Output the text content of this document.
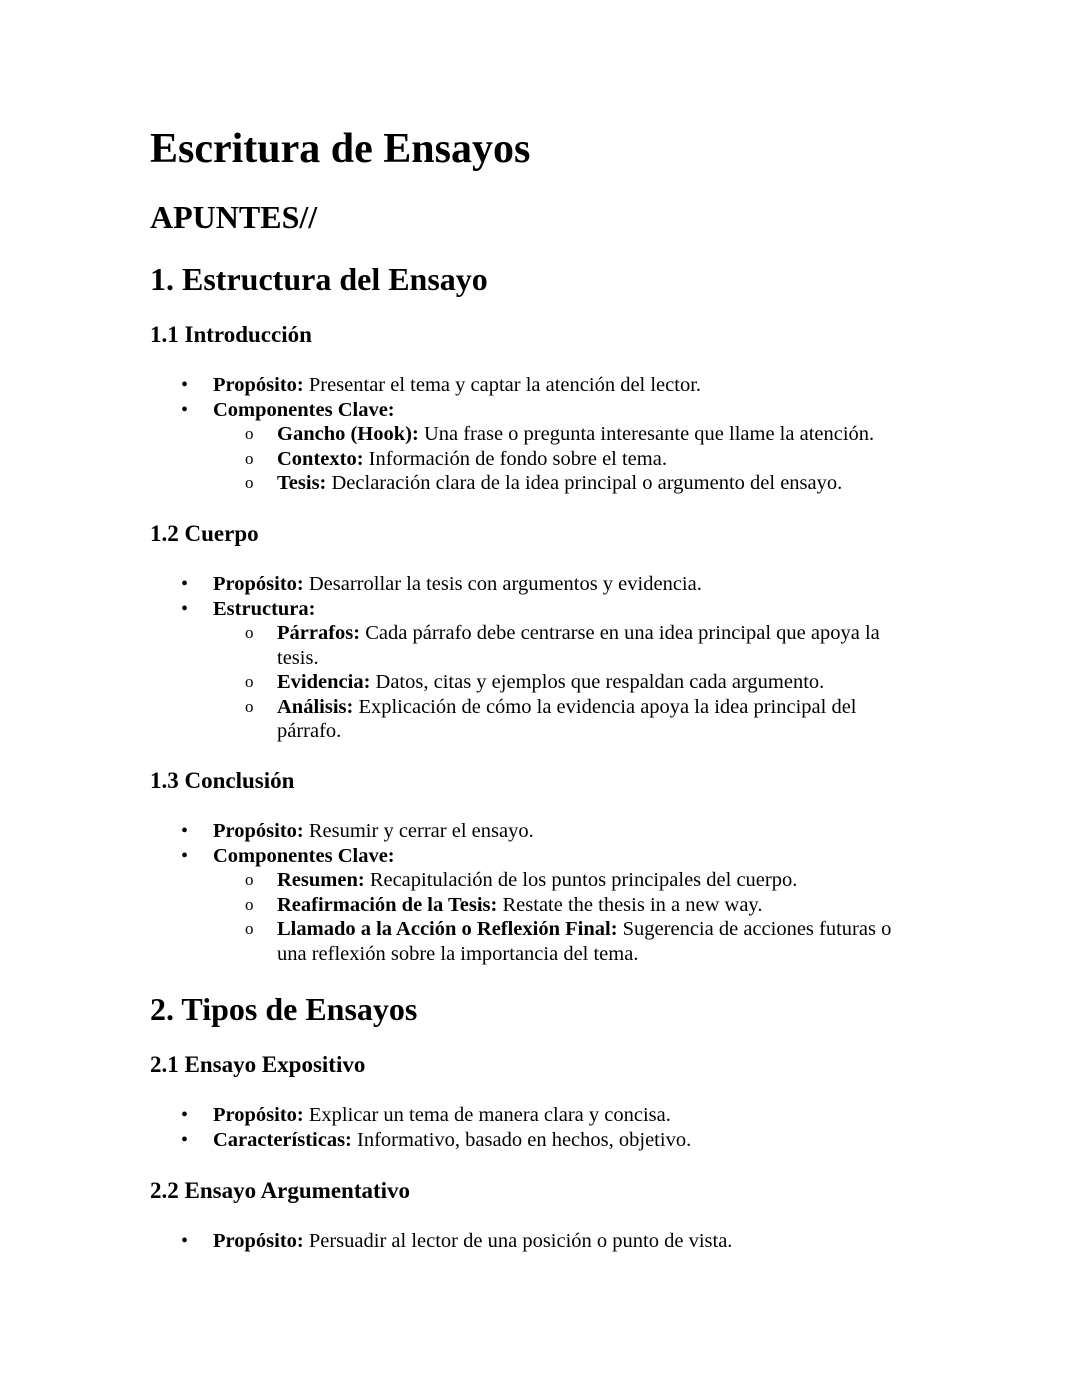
Escritura de Ensayos
APUNTES//
1. Estructura del Ensayo
1.1 Introducción
• Propósito: Presentar el tema y captar la atención del lector.
• Componentes Clave:
o Gancho (Hook): Una frase o pregunta interesante que llame la atención.
o Contexto: Información de fondo sobre el tema.
o Tesis: Declaración clara de la idea principal o argumento del ensayo.
1.2 Cuerpo
• Propósito: Desarrollar la tesis con argumentos y evidencia.
• Estructura:
o Párrafos: Cada párrafo debe centrarse en una idea principal que apoya la tesis.
o Evidencia: Datos, citas y ejemplos que respaldan cada argumento.
o Análisis: Explicación de cómo la evidencia apoya la idea principal del párrafo.
1.3 Conclusión
• Propósito: Resumir y cerrar el ensayo.
• Componentes Clave:
o Resumen: Recapitulación de los puntos principales del cuerpo.
o Reafirmación de la Tesis: Restate the thesis in a new way.
o Llamado a la Acción o Reflexión Final: Sugerencia de acciones futuras o una reflexión sobre la importancia del tema.
2. Tipos de Ensayos
2.1 Ensayo Expositivo
• Propósito: Explicar un tema de manera clara y concisa.
• Características: Informativo, basado en hechos, objetivo.
2.2 Ensayo Argumentativo
• Propósito: Persuadir al lector de una posición o punto de vista.
